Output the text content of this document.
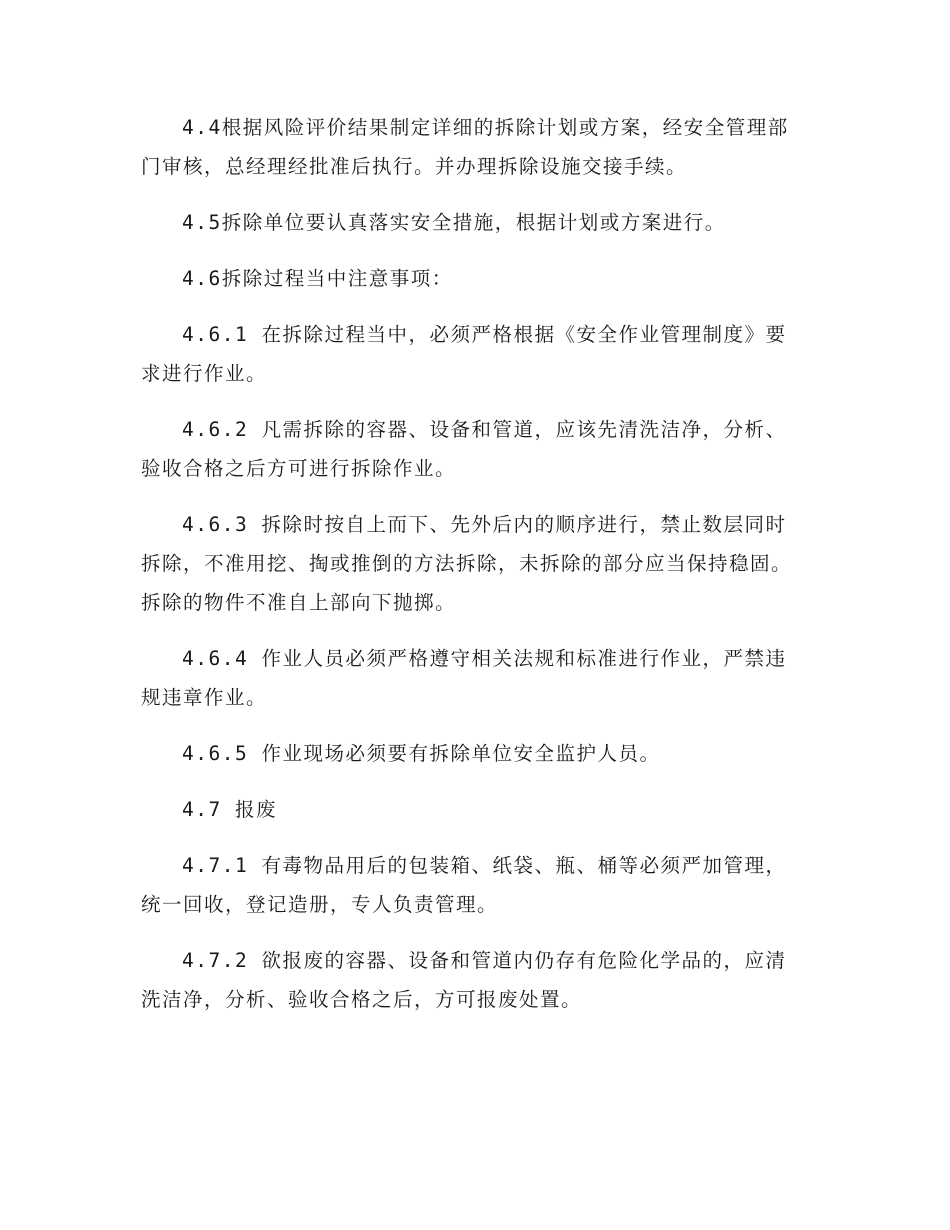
4.4根据风险评价结果制定详细的拆除计划或方案，经安全管理部门审核，总经理经批准后执行。并办理拆除设施交接手续。

4.5拆除单位要认真落实安全措施，根据计划或方案进行。

4.6拆除过程当中注意事项：

4.6.1 在拆除过程当中，必须严格根据《安全作业管理制度》要求进行作业。

4.6.2 凡需拆除的容器、设备和管道，应该先清洗洁净，分析、验收合格之后方可进行拆除作业。

4.6.3 拆除时按自上而下、先外后内的顺序进行，禁止数层同时拆除，不准用挖、掏或推倒的方法拆除，未拆除的部分应当保持稳固。拆除的物件不准自上部向下抛掷。

4.6.4 作业人员必须严格遵守相关法规和标准进行作业，严禁违规违章作业。

4.6.5 作业现场必须要有拆除单位安全监护人员。

4.7 报废

4.7.1 有毒物品用后的包装箱、纸袋、瓶、桶等必须严加管理，统一回收，登记造册，专人负责管理。

4.7.2 欲报废的容器、设备和管道内仍存有危险化学品的，应清洗洁净，分析、验收合格之后，方可报废处置。
